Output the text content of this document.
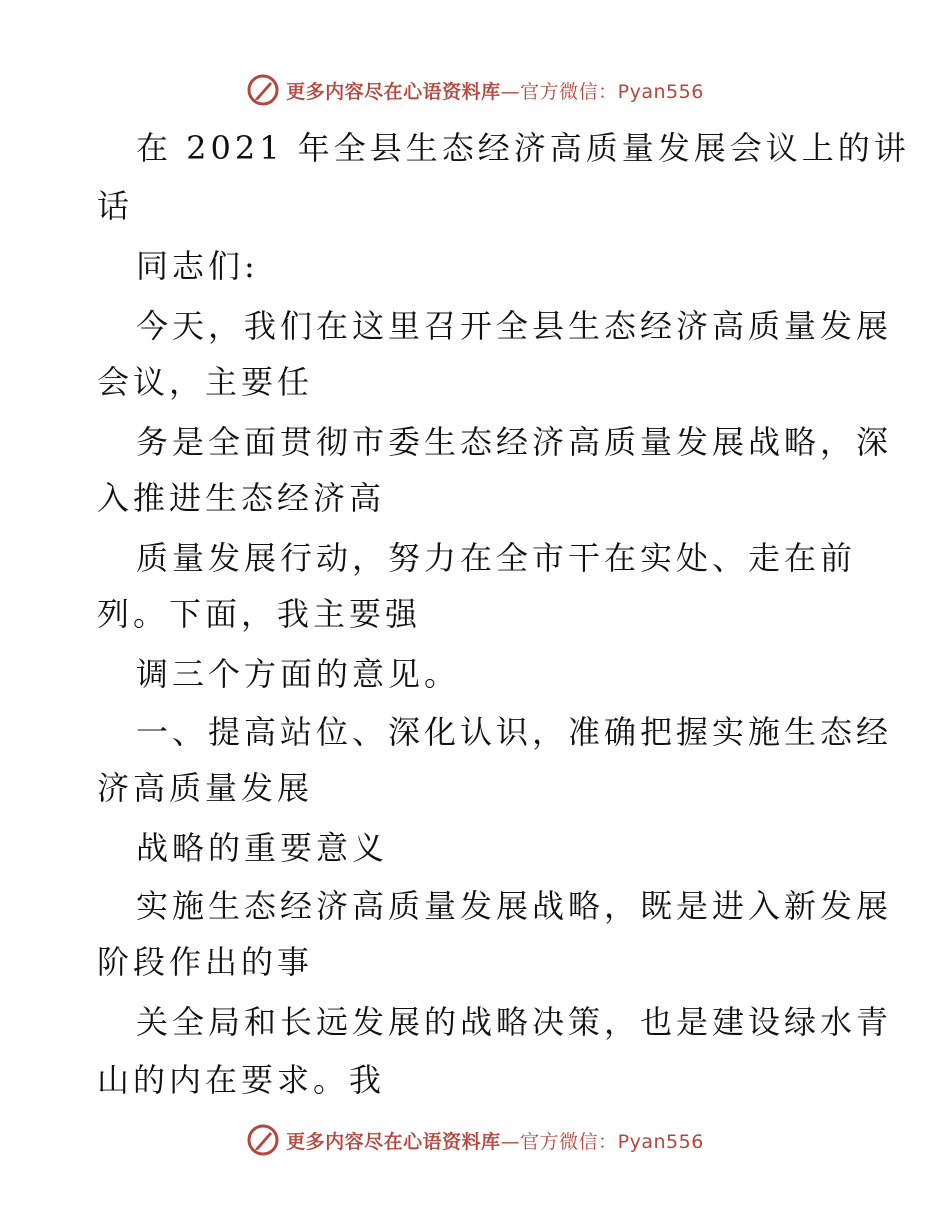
更多内容尽在心语资料库—官方微信：Pyan556
在 2021 年全县生态经济高质量发展会议上的讲
话
同志们:
今天，我们在这里召开全县生态经济高质量发展
会议，主要任
务是全面贯彻市委生态经济高质量发展战略，深
入推进生态经济高
质量发展行动，努力在全市干在实处、走在前
列。下面，我主要强
调三个方面的意见。
一、提高站位、深化认识，准确把握实施生态经
济高质量发展
战略的重要意义
实施生态经济高质量发展战略，既是进入新发展
阶段作出的事
关全局和长远发展的战略决策，也是建设绿水青
山的内在要求。我
更多内容尽在心语资料库—官方微信：Pyan556
